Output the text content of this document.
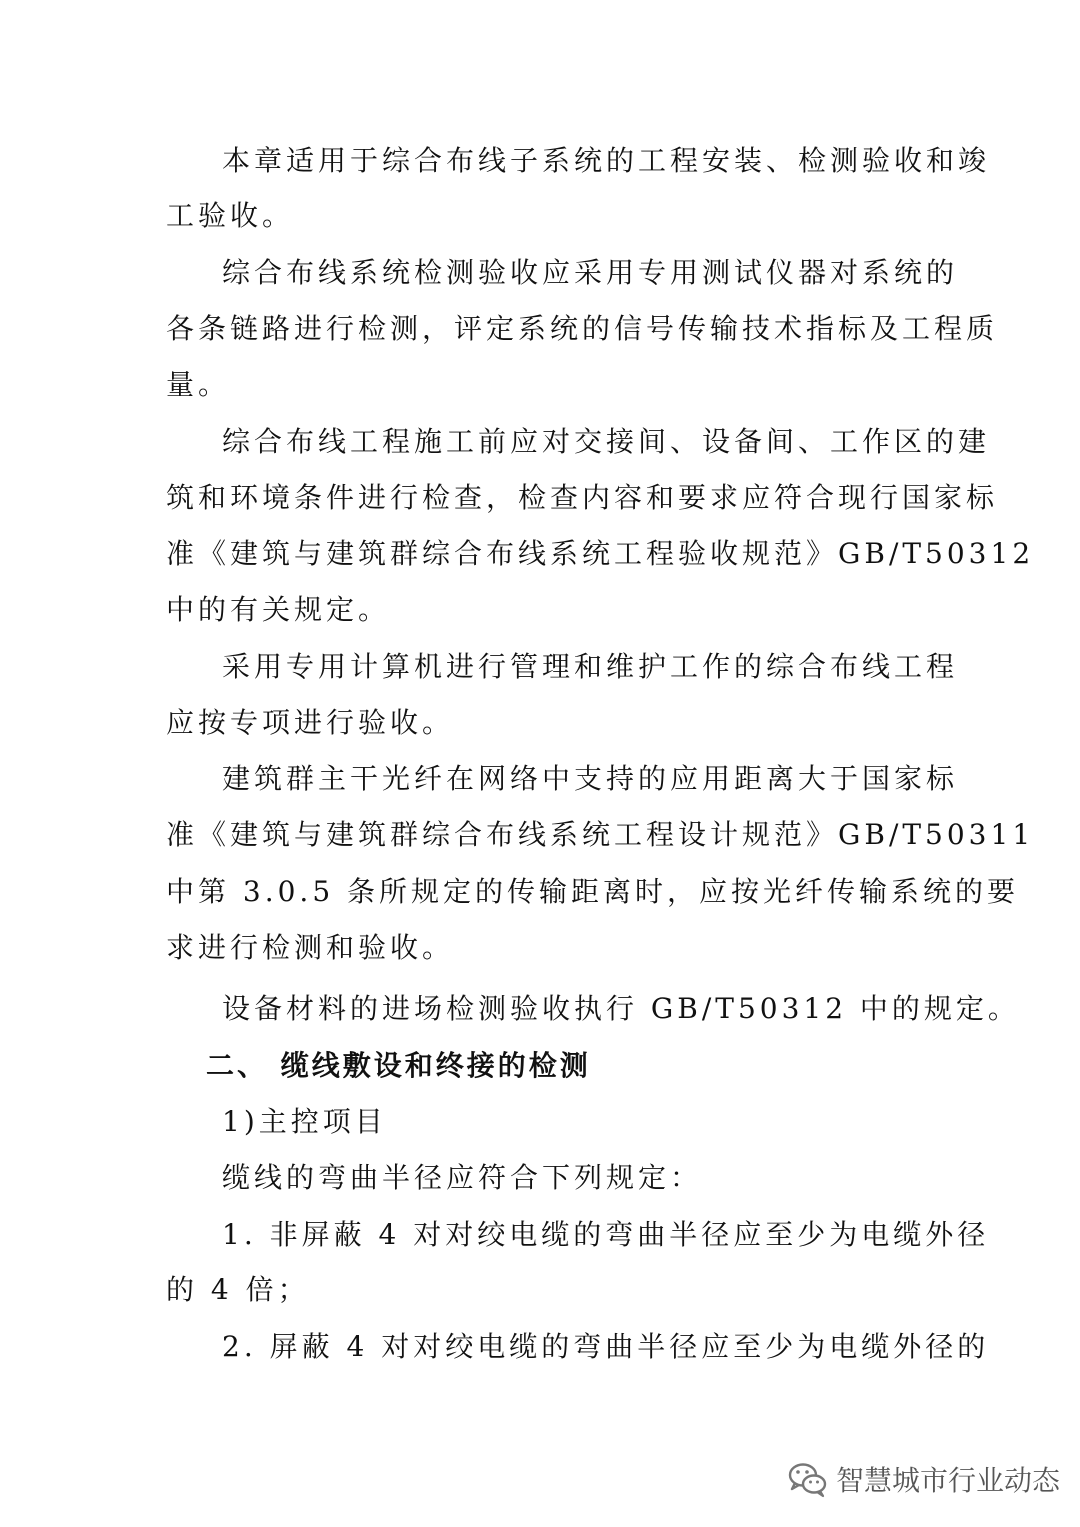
本章适用于综合布线子系统的工程安装、检测验收和竣
工验收。
综合布线系统检测验收应采用专用测试仪器对系统的
各条链路进行检测，评定系统的信号传输技术指标及工程质
量。
综合布线工程施工前应对交接间、设备间、工作区的建
筑和环境条件进行检查，检查内容和要求应符合现行国家标
准《建筑与建筑群综合布线系统工程验收规范》GB/T50312
中的有关规定。
采用专用计算机进行管理和维护工作的综合布线工程
应按专项进行验收。
建筑群主干光纤在网络中支持的应用距离大于国家标
准《建筑与建筑群综合布线系统工程设计规范》GB/T50311
中第 3.0.5 条所规定的传输距离时，应按光纤传输系统的要
求进行检测和验收。
设备材料的进场检测验收执行 GB/T50312 中的规定。
二、 缆线敷设和终接的检测
1)主控项目
缆线的弯曲半径应符合下列规定：
1. 非屏蔽 4 对对绞电缆的弯曲半径应至少为电缆外径
的 4 倍；
2. 屏蔽 4 对对绞电缆的弯曲半径应至少为电缆外径的
智慧城市行业动态
